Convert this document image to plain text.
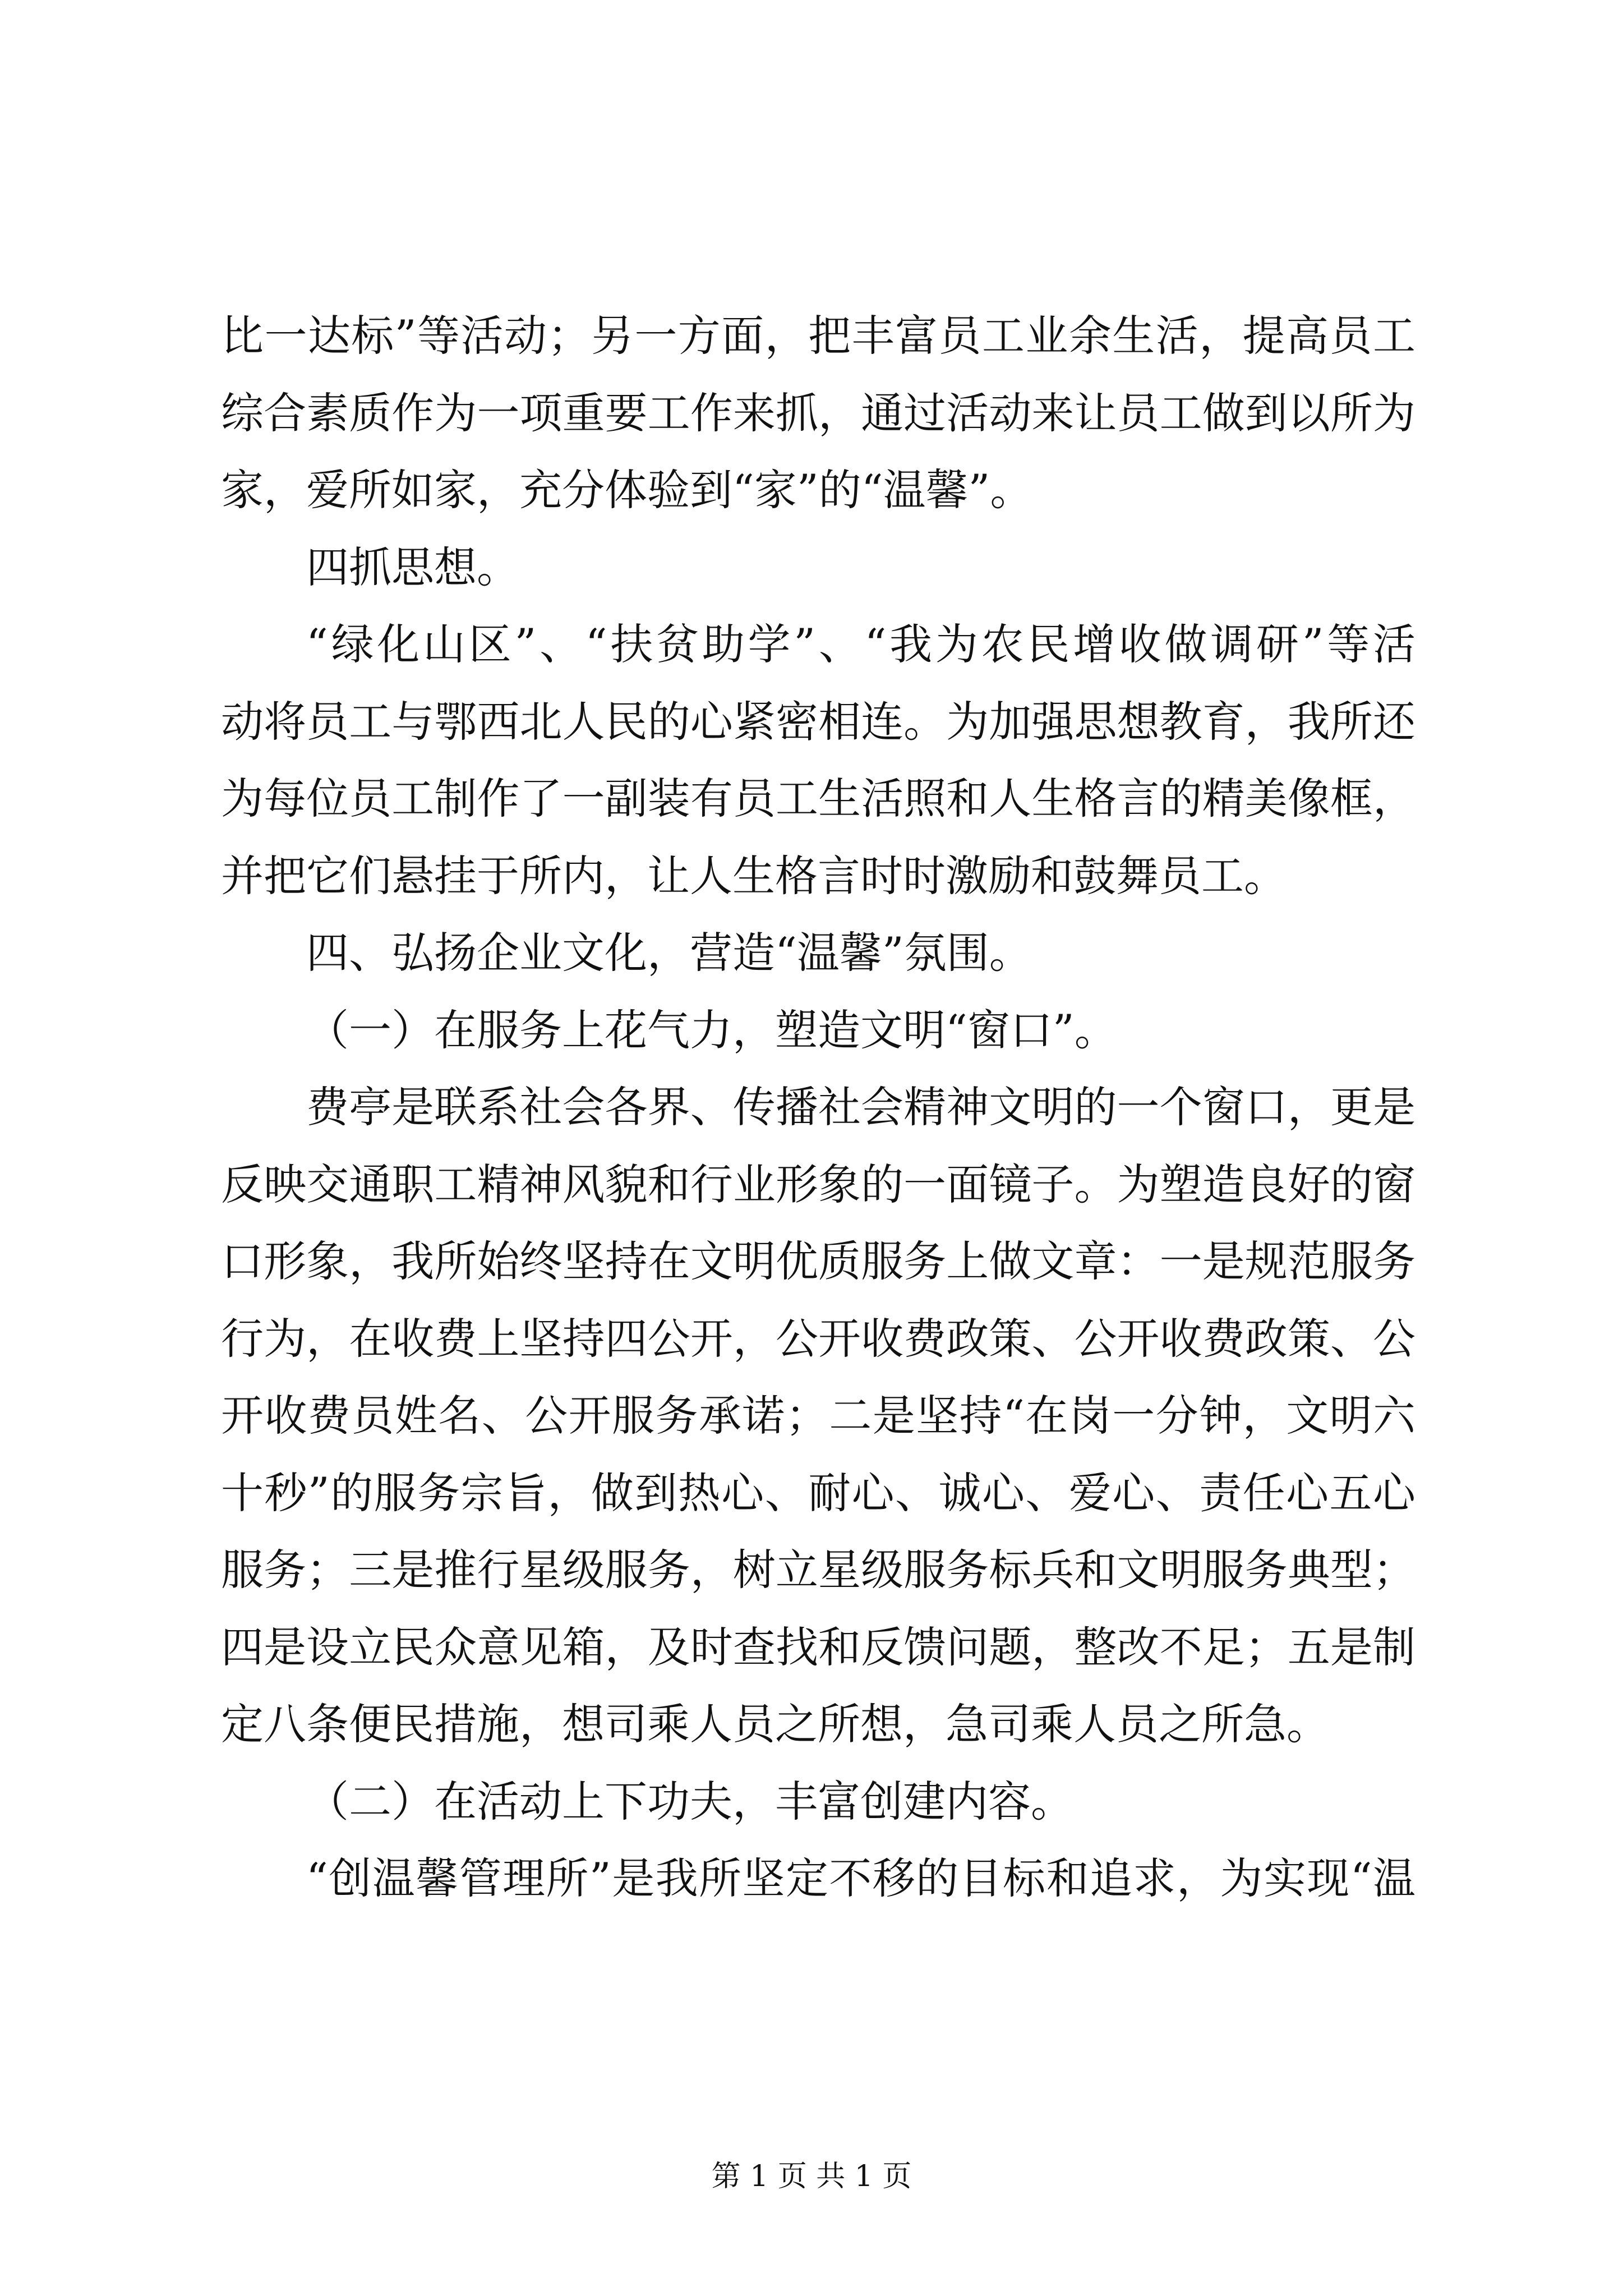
比一达标”等活动；另一方面，把丰富员工业余生活，提高员工
综合素质作为一项重要工作来抓，通过活动来让员工做到以所为
家，爱所如家，充分体验到“家”的“温馨”。
四抓思想。
“绿化山区”、“扶贫助学”、“我为农民增收做调研”等活
动将员工与鄂西北人民的心紧密相连。为加强思想教育，我所还
为每位员工制作了一副装有员工生活照和人生格言的精美像框，
并把它们悬挂于所内，让人生格言时时激励和鼓舞员工。
四、弘扬企业文化，营造“温馨”氛围。
（一）在服务上花气力，塑造文明“窗口”。
费亭是联系社会各界、传播社会精神文明的一个窗口，更是
反映交通职工精神风貌和行业形象的一面镜子。为塑造良好的窗
口形象，我所始终坚持在文明优质服务上做文章：一是规范服务
行为，在收费上坚持四公开，公开收费政策、公开收费政策、公
开收费员姓名、公开服务承诺；二是坚持“在岗一分钟，文明六
十秒”的服务宗旨，做到热心、耐心、诚心、爱心、责任心五心
服务；三是推行星级服务，树立星级服务标兵和文明服务典型；
四是设立民众意见箱，及时查找和反馈问题，整改不足；五是制
定八条便民措施，想司乘人员之所想，急司乘人员之所急。
（二）在活动上下功夫，丰富创建内容。
“创温馨管理所”是我所坚定不移的目标和追求，为实现“温
第 1 页 共 1 页
